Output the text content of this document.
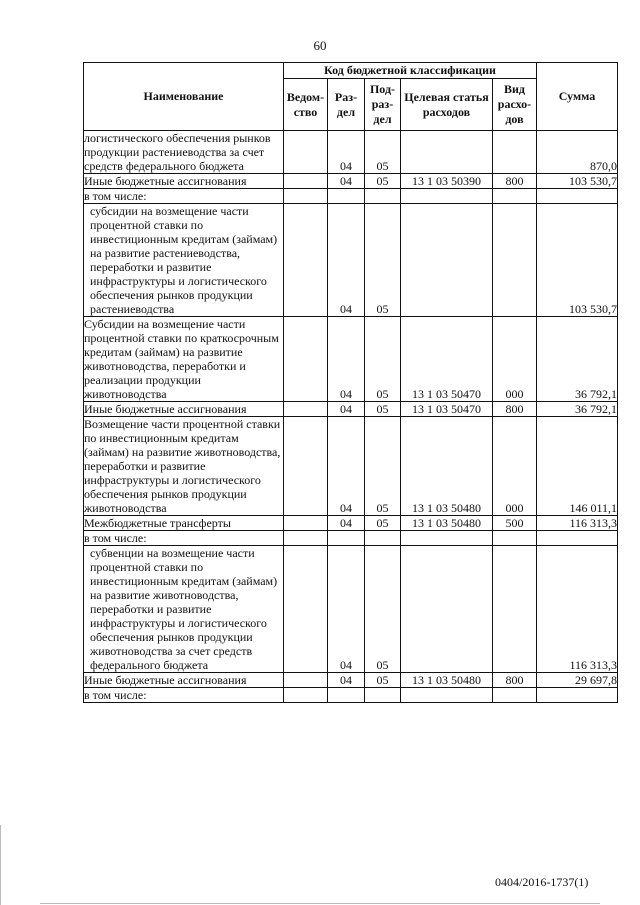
60
Наименование	Код бюджетной классификации					Сумма
	Ведом-ство	Раз-дел	Под-раз-дел	Целевая статья расходов	Вид расхо-дов	
логистического обеспечения рынков продукции растениеводства за счет средств федерального бюджета		04	05			870,0
Иные бюджетные ассигнования		04	05	13 1 03 50390	800	103 530,7
в том числе:						
субсидии на возмещение части процентной ставки по инвестиционным кредитам (займам) на развитие растениеводства, переработки и развитие инфраструктуры и логистического обеспечения рынков продукции растениеводства		04	05			103 530,7
Субсидии на возмещение части процентной ставки по краткосрочным кредитам (займам) на развитие животноводства, переработки и реализации продукции животноводства		04	05	13 1 03 50470	000	36 792,1
Иные бюджетные ассигнования		04	05	13 1 03 50470	800	36 792,1
Возмещение части процентной ставки по инвестиционным кредитам (займам) на развитие животноводства, переработки и развитие инфраструктуры и логистического обеспечения рынков продукции животноводства		04	05	13 1 03 50480	000	146 011,1
Межбюджетные трансферты		04	05	13 1 03 50480	500	116 313,3
в том числе:						
субвенции на возмещение части процентной ставки по инвестиционным кредитам (займам) на развитие животноводства, переработки и развитие инфраструктуры и логистического обеспечения рынков продукции животноводства за счет средств федерального бюджета		04	05			116 313,3
Иные бюджетные ассигнования		04	05	13 1 03 50480	800	29 697,8
в том числе:						
0404/2016-1737(1)
